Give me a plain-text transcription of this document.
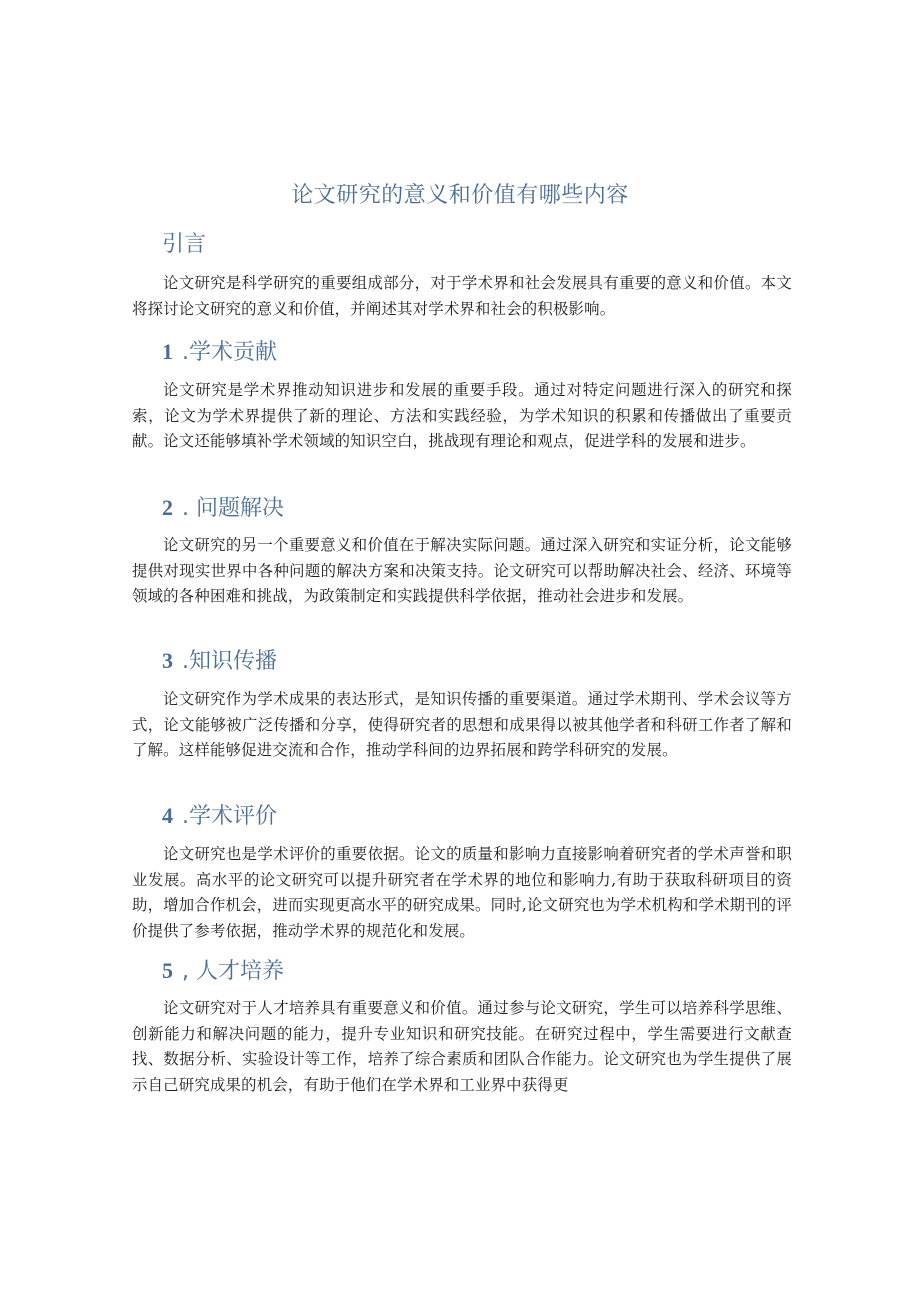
论文研究的意义和价值有哪些内容
引言
论文研究是科学研究的重要组成部分，对于学术界和社会发展具有重要的意义和价值。本文将探讨论文研究的意义和价值，并阐述其对学术界和社会的积极影响。
1 .学术贡献
论文研究是学术界推动知识进步和发展的重要手段。通过对特定问题进行深入的研究和探索，论文为学术界提供了新的理论、方法和实践经验，为学术知识的积累和传播做出了重要贡献。论文还能够填补学术领域的知识空白，挑战现有理论和观点，促进学科的发展和进步。
2 . 问题解决
论文研究的另一个重要意义和价值在于解决实际问题。通过深入研究和实证分析，论文能够提供对现实世界中各种问题的解决方案和决策支持。论文研究可以帮助解决社会、经济、环境等领域的各种困难和挑战，为政策制定和实践提供科学依据，推动社会进步和发展。
3 .知识传播
论文研究作为学术成果的表达形式，是知识传播的重要渠道。通过学术期刊、学术会议等方式，论文能够被广泛传播和分享，使得研究者的思想和成果得以被其他学者和科研工作者了解和了解。这样能够促进交流和合作，推动学科间的边界拓展和跨学科研究的发展。
4 .学术评价
论文研究也是学术评价的重要依据。论文的质量和影响力直接影响着研究者的学术声誉和职业发展。高水平的论文研究可以提升研究者在学术界的地位和影响力,有助于获取科研项目的资助，增加合作机会，进而实现更高水平的研究成果。同时,论文研究也为学术机构和学术期刊的评价提供了参考依据，推动学术界的规范化和发展。
5 , 人才培养
论文研究对于人才培养具有重要意义和价值。通过参与论文研究，学生可以培养科学思维、创新能力和解决问题的能力，提升专业知识和研究技能。在研究过程中，学生需要进行文献查找、数据分析、实验设计等工作，培养了综合素质和团队合作能力。论文研究也为学生提供了展示自己研究成果的机会，有助于他们在学术界和工业界中获得更
